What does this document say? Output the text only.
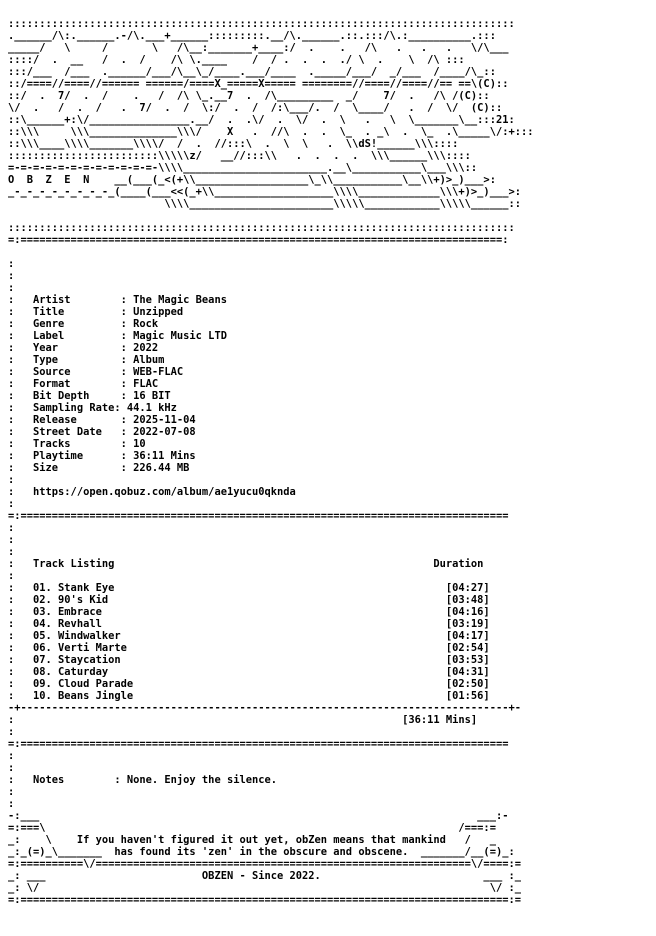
:::::::::::::::::::::::::::::::::::::::::::::::::::::::::::::::::::::::::::::::::
.______/\:.______.-/\.___+______:::::::::.__/\.______.::.:::/\.:__________.:::
_____/   \     /       \   /\__:_______+____:/  .    .   /\   .   .   .   \/\___
::::/  .  __   /  .  /    /\ \.____    /  / .  .  .  ./ \  .    \  /\ :::
:::/___  /___  .______/___/\__\_/____.___/____  ._____/___/  _/___  /____/\_::
::/====//====//====== ======/====X_=====X===== ========//====//====//== ==\(C)::
::/  .  7/  .  /    .   /  /\ \_.__7  .  /\_________  _/    7/  .   /\ /(C)::
\/  .   /  .  /   .  7/  .  /  \:/  .  /  /:\___/.  /  \____/   .  /  \/  (C)::
::\______+:\/________________.__/  .  .\/  .  \/  .  \   .   \  \_______\__:::21:
::\\\     \\\______________\\\/    X   .  //\  .  .  \_  . _\  .  \_  .\_____\/:+:::
::\\\____\\\\_______\\\\/  /  .  //:::\  .  \  \   .  \\dS!______\\\::::
::::::::::::::::::::::::\\\\\z/   __//:::\\   .  .  .  .  \\\______\\\::::
=-=-=-=-=-=-=-=-=-=-=-=-\\\\_______________________.__\___________\___\\\::
O  B  Z  E  N    __(___(_<(+\\__________________\_\\___________\__\\+)>_)___>:
_-_-_-_-_-_-_-_-_(____(___<<(_+\\___________________\\\\_____________\\\+)>_)___>:
\\\\_______________________\\\\\____________\\\\\______::
:::::::::::::::::::::::::::::::::::::::::::::::::::::::::::::::::::::::::::::::::
=:=============================================================================:

:
:
:
:   Artist        : The Magic Beans
:   Title         : Unzipped
:   Genre         : Rock
:   Label         : Magic Music LTD
:   Year          : 2022
:   Type          : Album
:   Source        : WEB-FLAC
:   Format        : FLAC
:   Bit Depth     : 16 BIT
:   Sampling Rate: 44.1 kHz
:   Release       : 2025-11-04
:   Street Date   : 2022-07-08
:   Tracks        : 10
:   Playtime      : 36:11 Mins
:   Size          : 226.44 MB
:
:   https://open.qobuz.com/album/ae1yucu0qknda
:
=:==============================================================================
:
:
:
:   Track Listing                                                   Duration
:
:   01. Stank Eye                                                     [04:27]
:   02. 90's Kid                                                      [03:48]
:   03. Embrace                                                       [04:16]
:   04. Revhall                                                       [03:19]
:   05. Windwalker                                                    [04:17]
:   06. Verti Marte                                                   [02:54]
:   07. Staycation                                                    [03:53]
:   08. Caturday                                                      [04:31]
:   09. Cloud Parade                                                  [02:50]
:   10. Beans Jingle                                                  [01:56]
-+------------------------------------------------------------------------------+-
:                                                              [36:11 Mins]
:
=:==============================================================================
:
:
:   Notes        : None. Enjoy the silence.
:
:
-:___                                                                      ___:-
=:===\                                                                  /===:=
_:    \    If you haven't figured it out yet, obZen means that mankind   /   _
_:_(=)_\_______  has found its 'zen' in the obscure and obscene.  _______/__(=)_:
=:==========\/============================================================\/====:=
_: ___                         OBZEN - Since 2022.                          ___ :_
_: \/                                                                        \/ :_
=:==============================================================================:=
